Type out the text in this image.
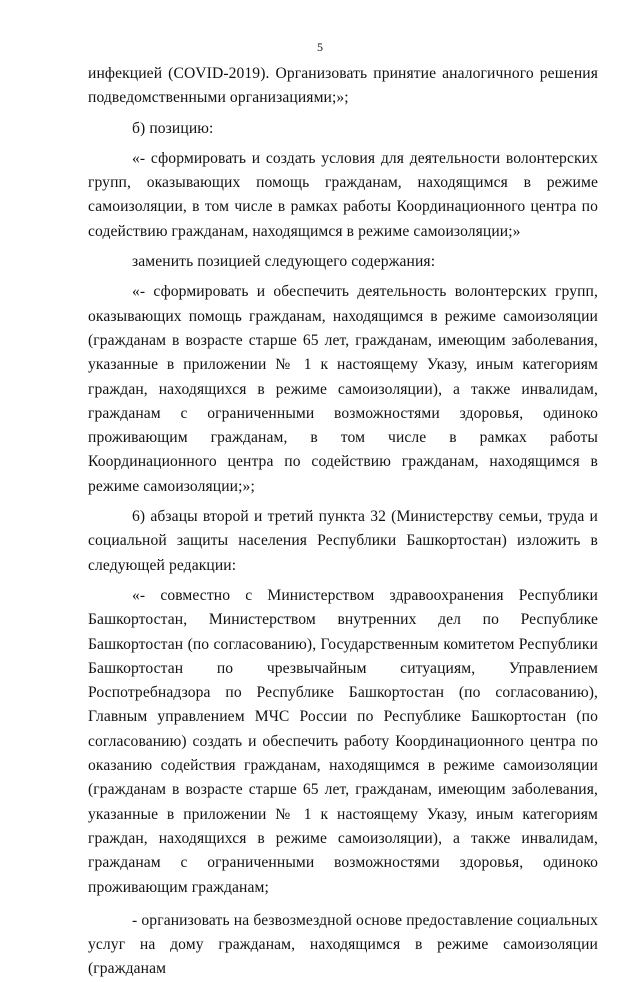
5

инфекцией (COVID-2019). Организовать принятие аналогичного решения подведомственными организациями;»;

б) позицию:

«- сформировать и создать условия для деятельности волонтерских групп, оказывающих помощь гражданам, находящимся в режиме самоизоляции, в том числе в рамках работы Координационного центра по содействию гражданам, находящимся в режиме самоизоляции;»

заменить позицией следующего содержания:

«- сформировать и обеспечить деятельность волонтерских групп, оказывающих помощь гражданам, находящимся в режиме самоизоляции (гражданам в возрасте старше 65 лет, гражданам, имеющим заболевания, указанные в приложении № 1 к настоящему Указу, иным категориям граждан, находящихся в режиме самоизоляции), а также инвалидам, гражданам с ограниченными возможностями здоровья, одиноко проживающим гражданам, в том числе в рамках работы Координационного центра по содействию гражданам, находящимся в режиме самоизоляции;»;

6) абзацы второй и третий пункта 32 (Министерству семьи, труда и социальной защиты населения Республики Башкортостан) изложить в следующей редакции:

«- совместно с Министерством здравоохранения Республики Башкортостан, Министерством внутренних дел по Республике Башкортостан (по согласованию), Государственным комитетом Республики Башкортостан по чрезвычайным ситуациям, Управлением Роспотребнадзора по Республике Башкортостан (по согласованию), Главным управлением МЧС России по Республике Башкортостан (по согласованию) создать и обеспечить работу Координационного центра по оказанию содействия гражданам, находящимся в режиме самоизоляции (гражданам в возрасте старше 65 лет, гражданам, имеющим заболевания, указанные в приложении № 1 к настоящему Указу, иным категориям граждан, находящихся в режиме самоизоляции), а также инвалидам, гражданам с ограниченными возможностями здоровья, одиноко проживающим гражданам;

- организовать на безвозмездной основе предоставление социальных услуг на дому гражданам, находящимся в режиме самоизоляции (гражданам
